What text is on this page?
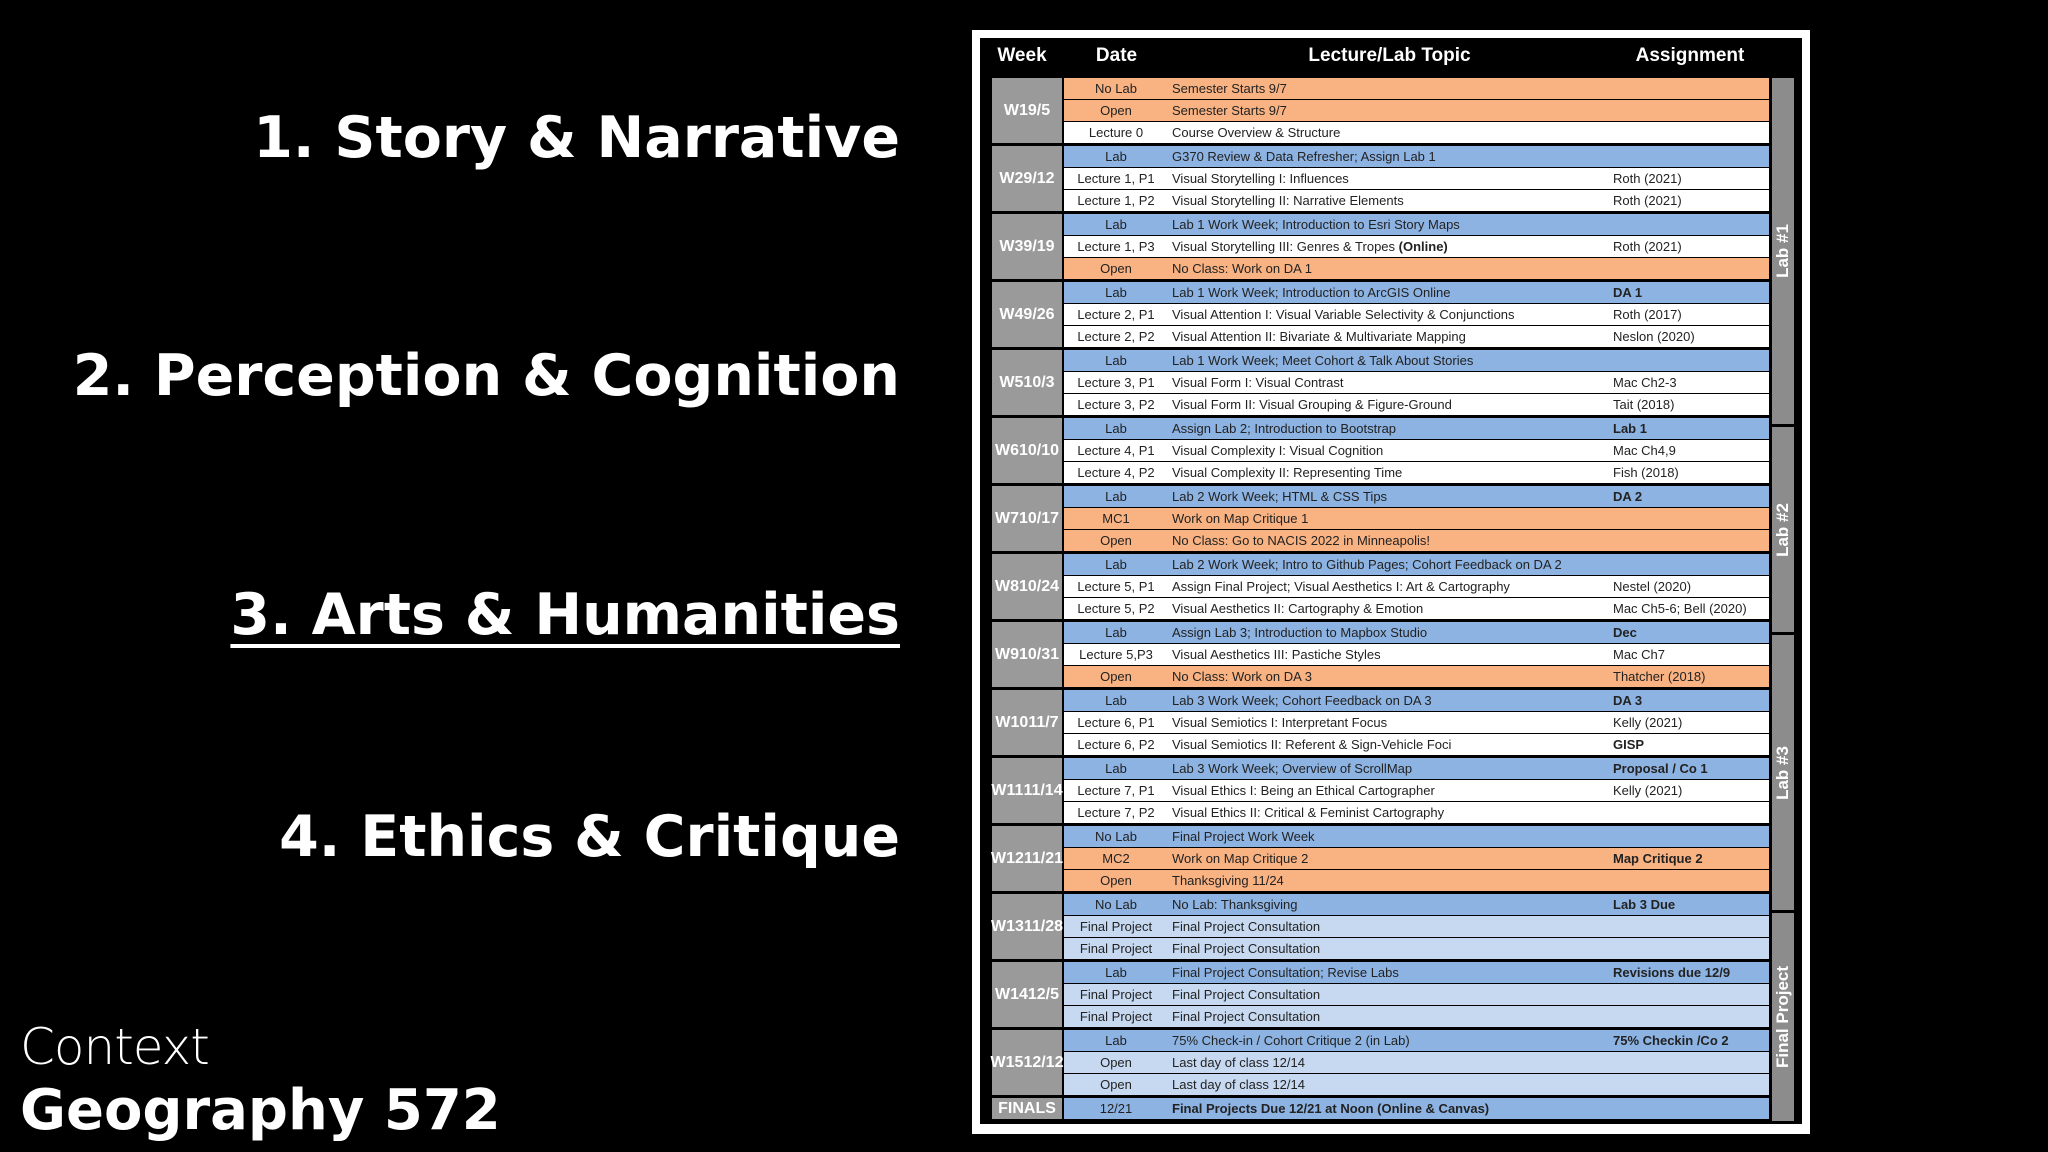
1. Story & Narrative
2. Perception & Cognition
3. Arts & Humanities
4. Ethics & Critique
Context
Geography 572
Week	Date	Lecture/Lab Topic	Assignment
W1 9/5
No Lab	Semester Starts 9/7
Open	Semester Starts 9/7
Lecture 0	Course Overview & Structure
W2 9/12
Lab	G370 Review & Data Refresher; Assign Lab 1
Lecture 1, P1	Visual Storytelling I: Influences	Roth (2021)
Lecture 1, P2	Visual Storytelling II: Narrative Elements	Roth (2021)
W3 9/19
Lab	Lab 1 Work Week; Introduction to Esri Story Maps
Lecture 1, P3	Visual Storytelling III: Genres & Tropes (Online)	Roth (2021)
Open	No Class: Work on DA 1
W4 9/26
Lab	Lab 1 Work Week; Introduction to ArcGIS Online	DA 1
Lecture 2, P1	Visual Attention I: Visual Variable Selectivity & Conjunctions	Roth (2017)
Lecture 2, P2	Visual Attention II: Bivariate & Multivariate Mapping	Neslon (2020)
W5 10/3
Lab	Lab 1 Work Week; Meet Cohort & Talk About Stories
Lecture 3, P1	Visual Form I: Visual Contrast	Mac Ch2-3
Lecture 3, P2	Visual Form II: Visual Grouping & Figure-Ground	Tait (2018)
W6 10/10
Lab	Assign Lab 2; Introduction to Bootstrap	Lab 1
Lecture 4, P1	Visual Complexity I: Visual Cognition	Mac Ch4,9
Lecture 4, P2	Visual Complexity II: Representing Time	Fish (2018)
W7 10/17
Lab	Lab 2 Work Week; HTML & CSS Tips	DA 2
MC1	Work on Map Critique 1
Open	No Class: Go to NACIS 2022 in Minneapolis!
W8 10/24
Lab	Lab 2 Work Week; Intro to Github Pages; Cohort Feedback on DA 2
Lecture 5, P1	Assign Final Project; Visual Aesthetics I: Art & Cartography	Nestel (2020)
Lecture 5, P2	Visual Aesthetics II: Cartography & Emotion	Mac Ch5-6; Bell (2020)
W9 10/31
Lab	Assign Lab 3; Introduction to Mapbox Studio	Dec
Lecture 5,P3	Visual Aesthetics III: Pastiche Styles	Mac Ch7
Open	No Class: Work on DA 3	Thatcher (2018)
W10 11/7
Lab	Lab 3 Work Week; Cohort Feedback on DA 3	DA 3
Lecture 6, P1	Visual Semiotics I: Interpretant Focus	Kelly (2021)
Lecture 6, P2	Visual Semiotics II: Referent & Sign-Vehicle Foci	GISP
W11 11/14
Lab	Lab 3 Work Week; Overview of ScrollMap	Proposal / Co 1
Lecture 7, P1	Visual Ethics I: Being an Ethical Cartographer	Kelly (2021)
Lecture 7, P2	Visual Ethics II: Critical & Feminist Cartography
W12 11/21
No Lab	Final Project Work Week
MC2	Work on Map Critique 2	Map Critique 2
Open	Thanksgiving 11/24
W13 11/28
No Lab	No Lab: Thanksgiving	Lab 3 Due
Final Project	Final Project Consultation
Final Project	Final Project Consultation
W14 12/5
Lab	Final Project Consultation; Revise Labs	Revisions due 12/9
Final Project	Final Project Consultation
Final Project	Final Project Consultation
W15 12/12
Lab	75% Check-in / Cohort Critique 2 (in Lab)	75% Checkin /Co 2
Open	Last day of class 12/14
Open	Last day of class 12/14
FINALS	12/21	Final Projects Due 12/21 at Noon (Online & Canvas)
Lab #1
Lab #2
Lab #3
Final Project
